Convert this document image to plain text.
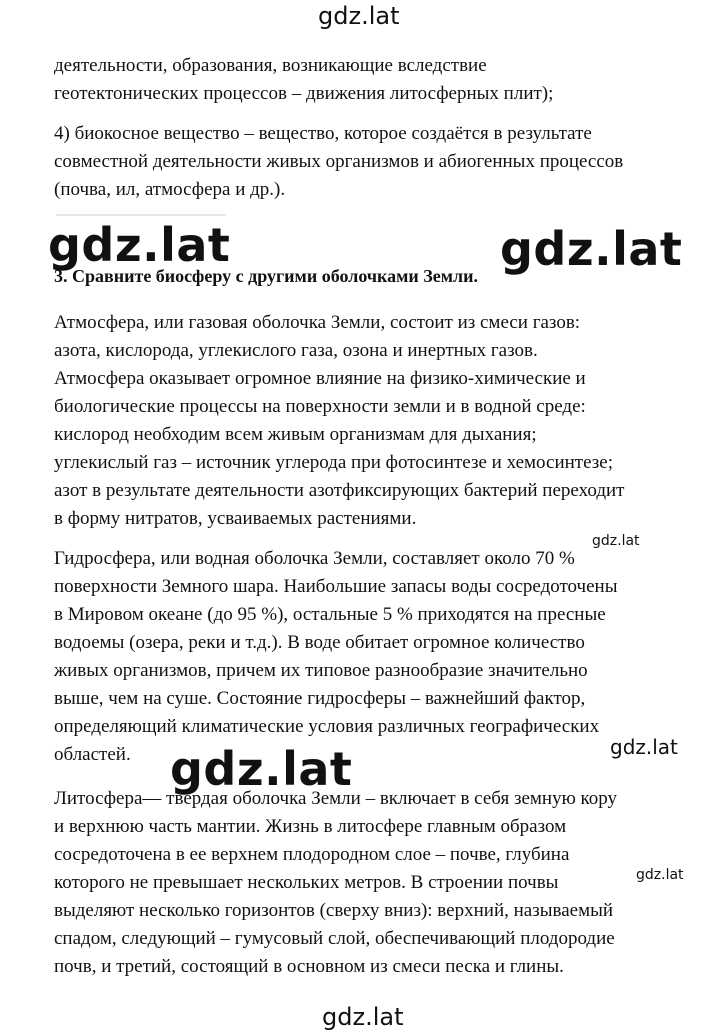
gdz.lat
деятельности, образования, возникающие вследствие
геотектонических процессов – движения литосферных плит);
4) биокосное вещество – вещество, которое создаётся в результате
совместной деятельности живых организмов и абиогенных процессов
(почва, ил, атмосфера и др.).
3. Сравните биосферу с другими оболочками Земли.
gdz.lat	gdz.lat
Атмосфера, или газовая оболочка Земли, состоит из смеси газов:
азота, кислорода, углекислого газа, озона и инертных газов.
Атмосфера оказывает огромное влияние на физико-химические и
биологические процессы на поверхности земли и в водной среде:
кислород необходим всем живым организмам для дыхания;
углекислый газ – источник углерода при фотосинтезе и хемосинтезе;
азот в результате деятельности азотфиксирующих бактерий переходит
в форму нитратов, усваиваемых растениями.
gdz.lat
Гидросфера, или водная оболочка Земли, составляет около 70 %
поверхности Земного шара. Наибольшие запасы воды сосредоточены
в Мировом океане (до 95 %), остальные 5 % приходятся на пресные
водоемы (озера, реки и т.д.). В воде обитает огромное количество
живых организмов, причем их типовое разнообразие значительно
выше, чем на суше. Состояние гидросферы – важнейший фактор,
определяющий климатические условия различных географических
областей.	gdz.lat
gdz.lat
Литосфера— твердая оболочка Земли – включает в себя земную кору
и верхнюю часть мантии. Жизнь в литосфере главным образом
сосредоточена в ее верхнем плодородном слое – почве, глубина
которого не превышает нескольких метров. В строении почвы
выделяют несколько горизонтов (сверху вниз): верхний, называемый
спадом, следующий – гумусовый слой, обеспечивающий плодородие
почв, и третий, состоящий в основном из смеси песка и глины.
gdz.lat
gdz.lat
